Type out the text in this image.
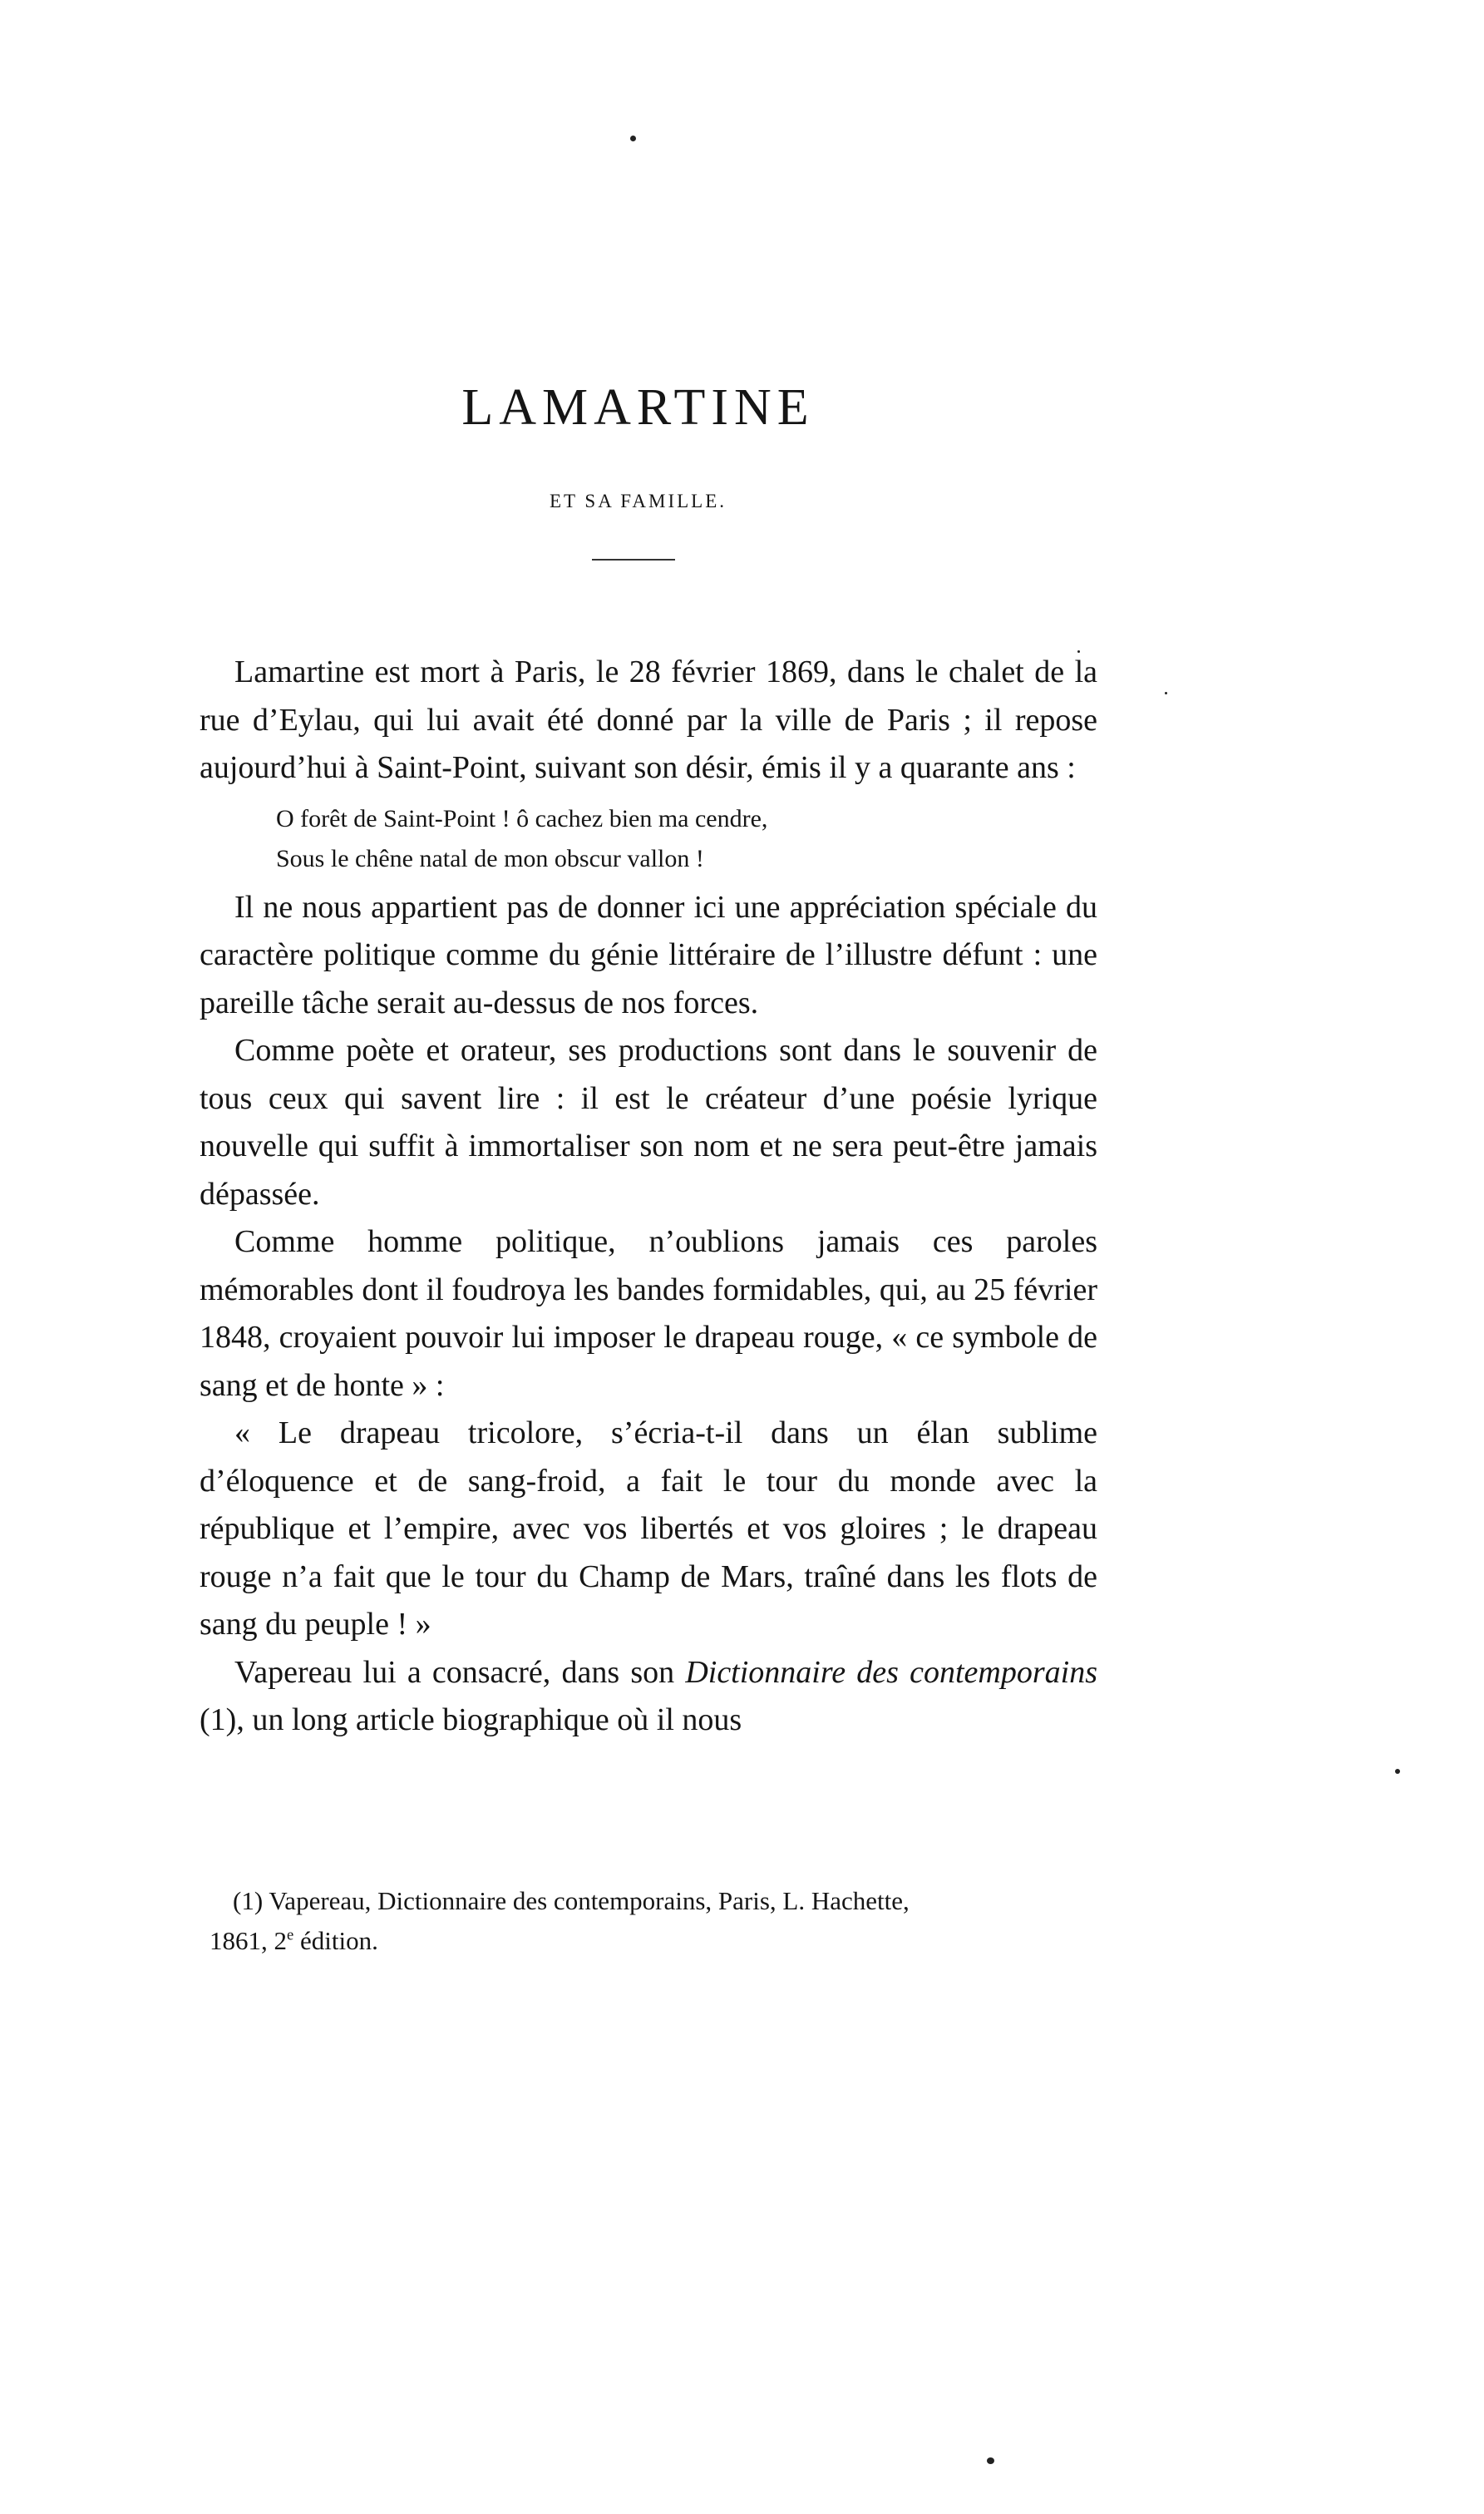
LAMARTINE
ET SA FAMILLE.

Lamartine est mort à Paris, le 28 février 1869, dans le chalet de la rue d’Eylau, qui lui avait été donné par la ville de Paris ; il repose aujourd’hui à Saint-Point, suivant son désir, émis il y a quarante ans :

O forêt de Saint-Point ! ô cachez bien ma cendre,
Sous le chêne natal de mon obscur vallon !

Il ne nous appartient pas de donner ici une appréciation spéciale du caractère politique comme du génie littéraire de l’illustre défunt : une pareille tâche serait au-dessus de nos forces.

Comme poète et orateur, ses productions sont dans le souvenir de tous ceux qui savent lire : il est le créateur d’une poésie lyrique nouvelle qui suffit à immortaliser son nom et ne sera peut-être jamais dépassée.

Comme homme politique, n’oublions jamais ces paroles mémorables dont il foudroya les bandes formidables, qui, au 25 février 1848, croyaient pouvoir lui imposer le drapeau rouge, « ce symbole de sang et de honte » :

« Le drapeau tricolore, s’écria-t-il dans un élan sublime d’éloquence et de sang-froid, a fait le tour du monde avec la république et l’empire, avec vos libertés et vos gloires ; le drapeau rouge n’a fait que le tour du Champ de Mars, traîné dans les flots de sang du peuple ! »

Vapereau lui a consacré, dans son Dictionnaire des contemporains (1), un long article biographique où il nous

(1) Vapereau, Dictionnaire des contemporains, Paris, L. Hachette,
1861, 2e édition.
